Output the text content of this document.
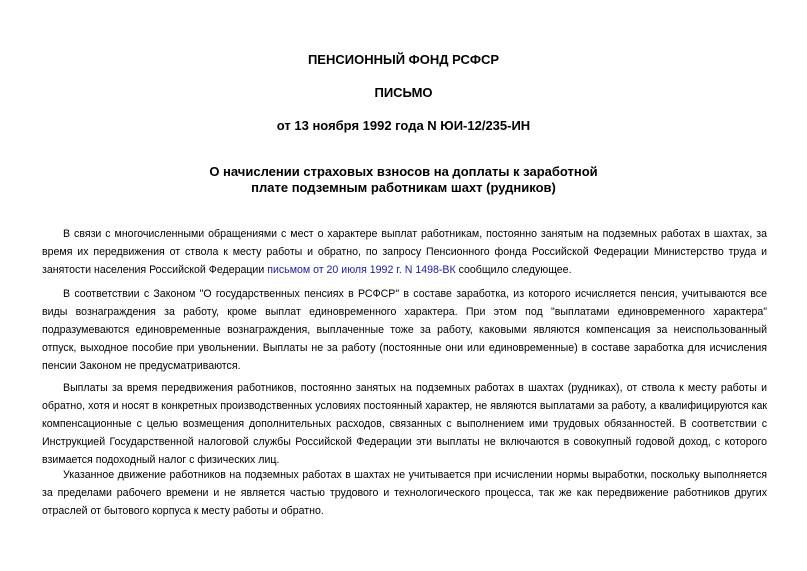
ПЕНСИОННЫЙ ФОНД РСФСР
ПИСЬМО
от 13 ноября 1992 года N ЮИ-12/235-ИН
О начислении страховых взносов на доплаты к заработной
плате подземным работникам шахт (рудников)

В связи с многочисленными обращениями с мест о характере выплат работникам, постоянно занятым на подземных работах в шахтах, за время их передвижения от ствола к месту работы и обратно, по запросу Пенсионного фонда Российской Федерации Министерство труда и занятости населения Российской Федерации письмом от 20 июля 1992 г. N 1498-ВК сообщило следующее.

В соответствии с Законом "О государственных пенсиях в РСФСР" в составе заработка, из которого исчисляется пенсия, учитываются все виды вознаграждения за работу, кроме выплат единовременного характера. При этом под "выплатами единовременного характера" подразумеваются единовременные вознаграждения, выплаченные тоже за работу, каковыми являются компенсация за неиспользованный отпуск, выходное пособие при увольнении. Выплаты не за работу (постоянные они или единовременные) в составе заработка для исчисления пенсии Законом не предусматриваются.

Выплаты за время передвижения работников, постоянно занятых на подземных работах в шахтах (рудниках), от ствола к месту работы и обратно, хотя и носят в конкретных производственных условиях постоянный характер, не являются выплатами за работу, а квалифицируются как компенсационные с целью возмещения дополнительных расходов, связанных с выполнением ими трудовых обязанностей. В соответствии с Инструкцией Государственной налоговой службы Российской Федерации эти выплаты не включаются в совокупный годовой доход, с которого взимается подоходный налог с физических лиц.

Указанное движение работников на подземных работах в шахтах не учитывается при исчислении нормы выработки, поскольку выполняется за пределами рабочего времени и не является частью трудового и технологического процесса, так же как передвижение работников других отраслей от бытового корпуса к месту работы и обратно.
